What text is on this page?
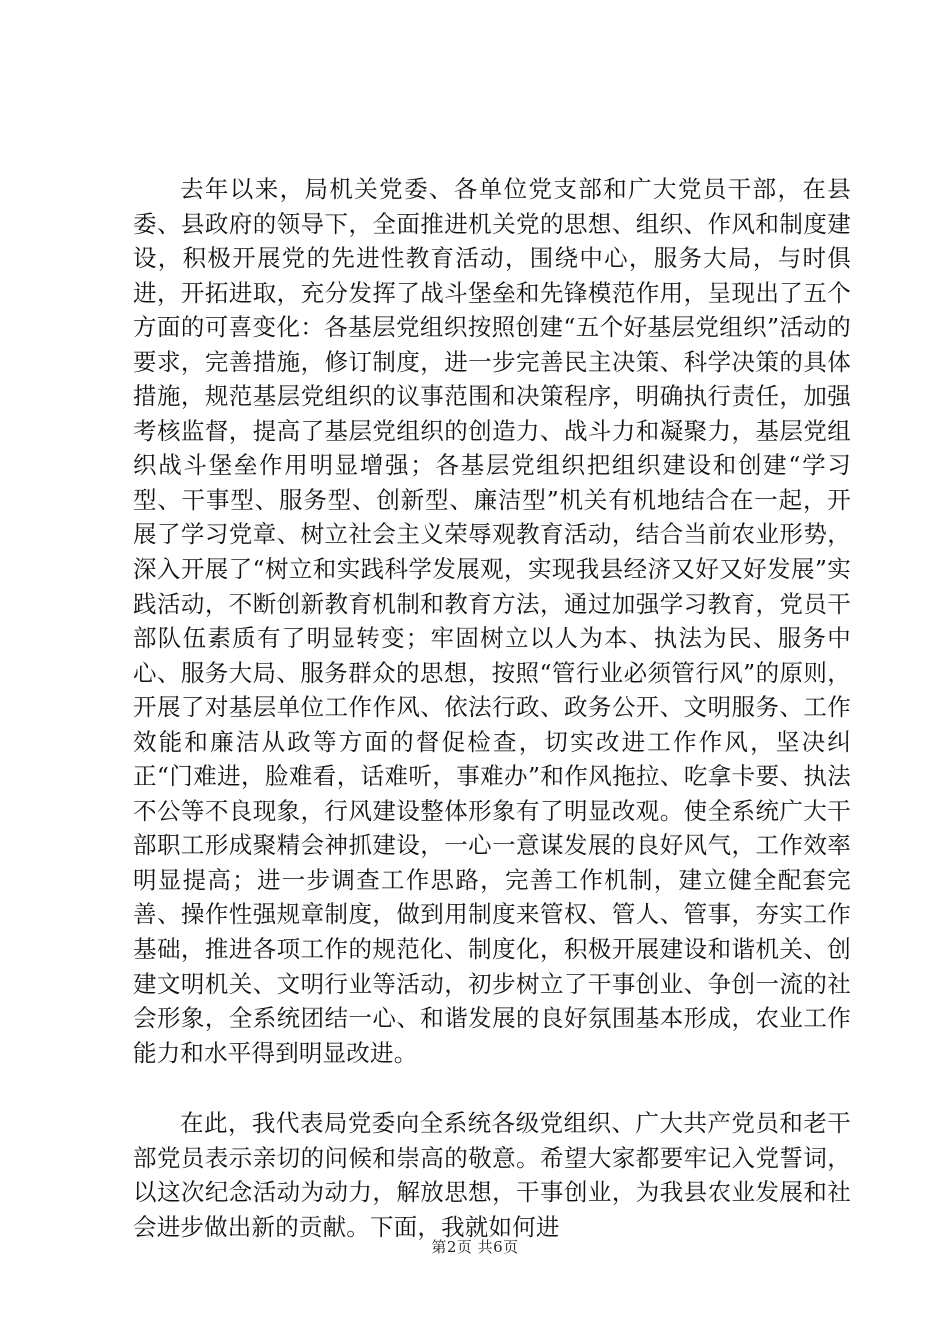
去年以来，局机关党委、各单位党支部和广大党员干部，在县委、县政府的领导下，全面推进机关党的思想、组织、作风和制度建设，积极开展党的先进性教育活动，围绕中心，服务大局，与时俱进，开拓进取，充分发挥了战斗堡垒和先锋模范作用，呈现出了五个方面的可喜变化：各基层党组织按照创建“五个好基层党组织”活动的要求，完善措施，修订制度，进一步完善民主决策、科学决策的具体措施，规范基层党组织的议事范围和决策程序，明确执行责任，加强考核监督，提高了基层党组织的创造力、战斗力和凝聚力，基层党组织战斗堡垒作用明显增强；各基层党组织把组织建设和创建“学习型、干事型、服务型、创新型、廉洁型”机关有机地结合在一起，开展了学习党章、树立社会主义荣辱观教育活动，结合当前农业形势，深入开展了“树立和实践科学发展观，实现我县经济又好又好发展”实践活动，不断创新教育机制和教育方法，通过加强学习教育，党员干部队伍素质有了明显转变；牢固树立以人为本、执法为民、服务中心、服务大局、服务群众的思想，按照“管行业必须管行风”的原则，开展了对基层单位工作作风、依法行政、政务公开、文明服务、工作效能和廉洁从政等方面的督促检查，切实改进工作作风，坚决纠正“门难进，脸难看，话难听，事难办”和作风拖拉、吃拿卡要、执法不公等不良现象，行风建设整体形象有了明显改观。使全系统广大干部职工形成聚精会神抓建设，一心一意谋发展的良好风气，工作效率明显提高；进一步调查工作思路，完善工作机制，建立健全配套完善、操作性强规章制度，做到用制度来管权、管人、管事，夯实工作基础，推进各项工作的规范化、制度化，积极开展建设和谐机关、创建文明机关、文明行业等活动，初步树立了干事创业、争创一流的社会形象，全系统团结一心、和谐发展的良好氛围基本形成，农业工作能力和水平得到明显改进。

在此，我代表局党委向全系统各级党组织、广大共产党员和老干部党员表示亲切的问候和崇高的敬意。希望大家都要牢记入党誓词，以这次纪念活动为动力，解放思想，干事创业，为我县农业发展和社会进步做出新的贡献。下面，我就如何进

第2页 共6页
